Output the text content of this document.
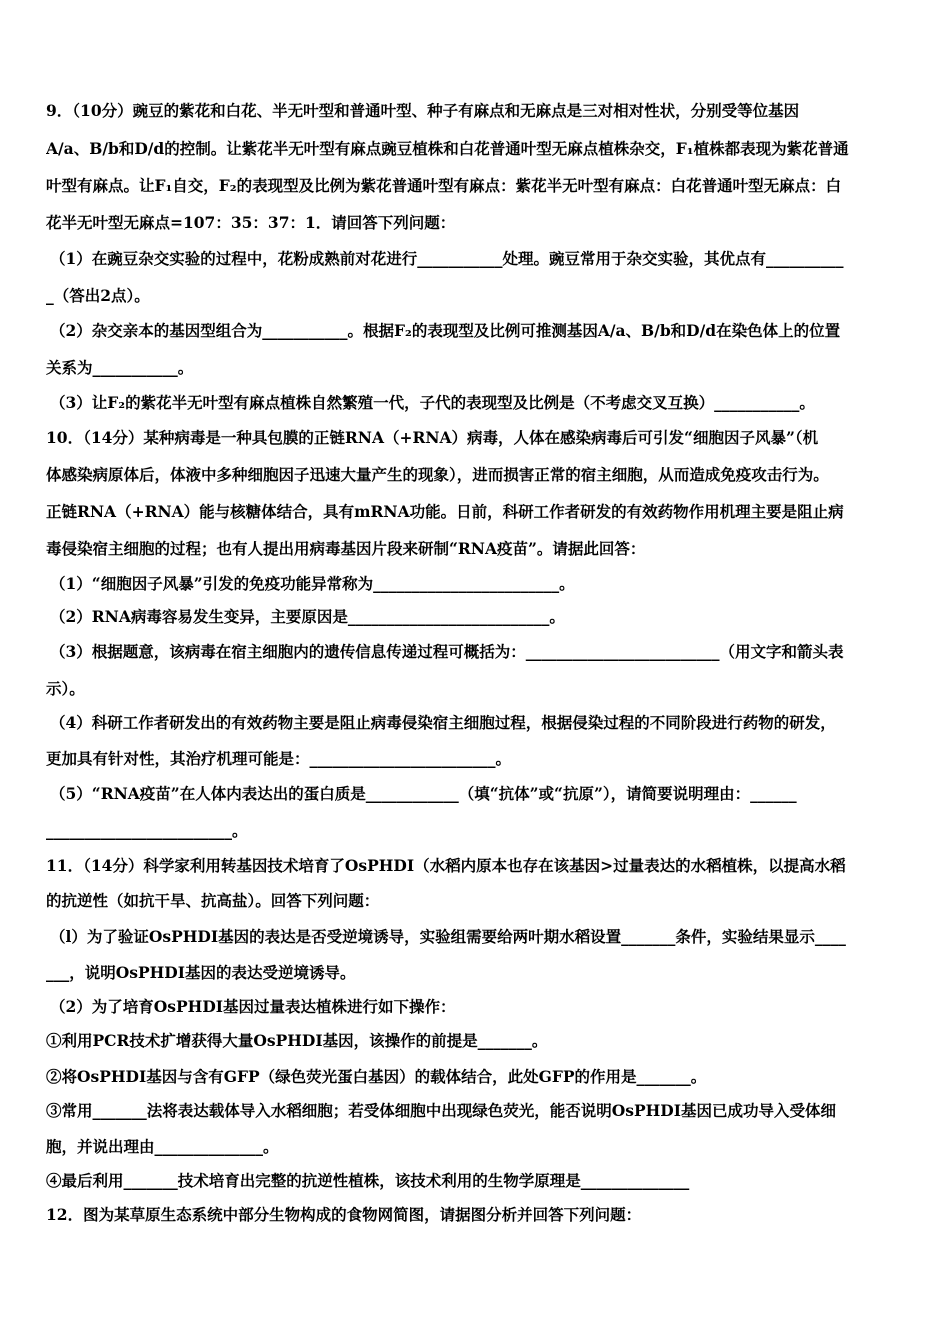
9．（10分）豌豆的紫花和白花、半无叶型和普通叶型、种子有麻点和无麻点是三对相对性状，分别受等位基因
A/a、B/b和D/d的控制。让紫花半无叶型有麻点豌豆植株和白花普通叶型无麻点植株杂交，F₁植株都表现为紫花普通
叶型有麻点。让F₁自交，F₂的表现型及比例为紫花普通叶型有麻点：紫花半无叶型有麻点：白花普通叶型无麻点：白
花半无叶型无麻点=107：35：37：1．请回答下列问题：
（1）在豌豆杂交实验的过程中，花粉成熟前对花进行___________处理。豌豆常用于杂交实验，其优点有__________
_（答出2点）。
（2）杂交亲本的基因型组合为___________。根据F₂的表现型及比例可推测基因A/a、B/b和D/d在染色体上的位置
关系为___________。
（3）让F₂的紫花半无叶型有麻点植株自然繁殖一代，子代的表现型及比例是（不考虑交叉互换）___________。
10．（14分）某种病毒是一种具包膜的正链RNA（+RNA）病毒，人体在感染病毒后可引发“细胞因子风暴”（机
体感染病原体后，体液中多种细胞因子迅速大量产生的现象），进而损害正常的宿主细胞，从而造成免疫攻击行为。
正链RNA（+RNA）能与核糖体结合，具有mRNA功能。日前，科研工作者研发的有效药物作用机理主要是阻止病
毒侵染宿主细胞的过程；也有人提出用病毒基因片段来研制“RNA疫苗”。请据此回答：
（1）“细胞因子风暴”引发的免疫功能异常称为________________________。
（2）RNA病毒容易发生变异，主要原因是__________________________。
（3）根据题意，该病毒在宿主细胞内的遗传信息传递过程可概括为：_________________________（用文字和箭头表
示）。
（4）科研工作者研发出的有效药物主要是阻止病毒侵染宿主细胞过程，根据侵染过程的不同阶段进行药物的研发，
更加具有针对性，其治疗机理可能是：________________________。
（5）“RNA疫苗”在人体内表达出的蛋白质是____________（填“抗体”或“抗原”），请简要说明理由：______
________________________。
11．（14分）科学家利用转基因技术培育了OsPHDI（水稻内原本也存在该基因>过量表达的水稻植株，以提高水稻
的抗逆性（如抗干旱、抗高盐）。回答下列问题：
（l）为了验证OsPHDI基因的表达是否受逆境诱导，实验组需要给两叶期水稻设置_______条件，实验结果显示____
___，说明OsPHDI基因的表达受逆境诱导。
（2）为了培育OsPHDI基因过量表达植株进行如下操作：
①利用PCR技术扩增获得大量OsPHDI基因，该操作的前提是_______。
②将OsPHDI基因与含有GFP（绿色荧光蛋白基因）的载体结合，此处GFP的作用是_______。
③常用_______法将表达载体导入水稻细胞；若受体细胞中出现绿色荧光，能否说明OsPHDI基因已成功导入受体细
胞，并说出理由______________。
④最后利用_______技术培育出完整的抗逆性植株，该技术利用的生物学原理是______________
12．图为某草原生态系统中部分生物构成的食物网简图，请据图分析并回答下列问题：
